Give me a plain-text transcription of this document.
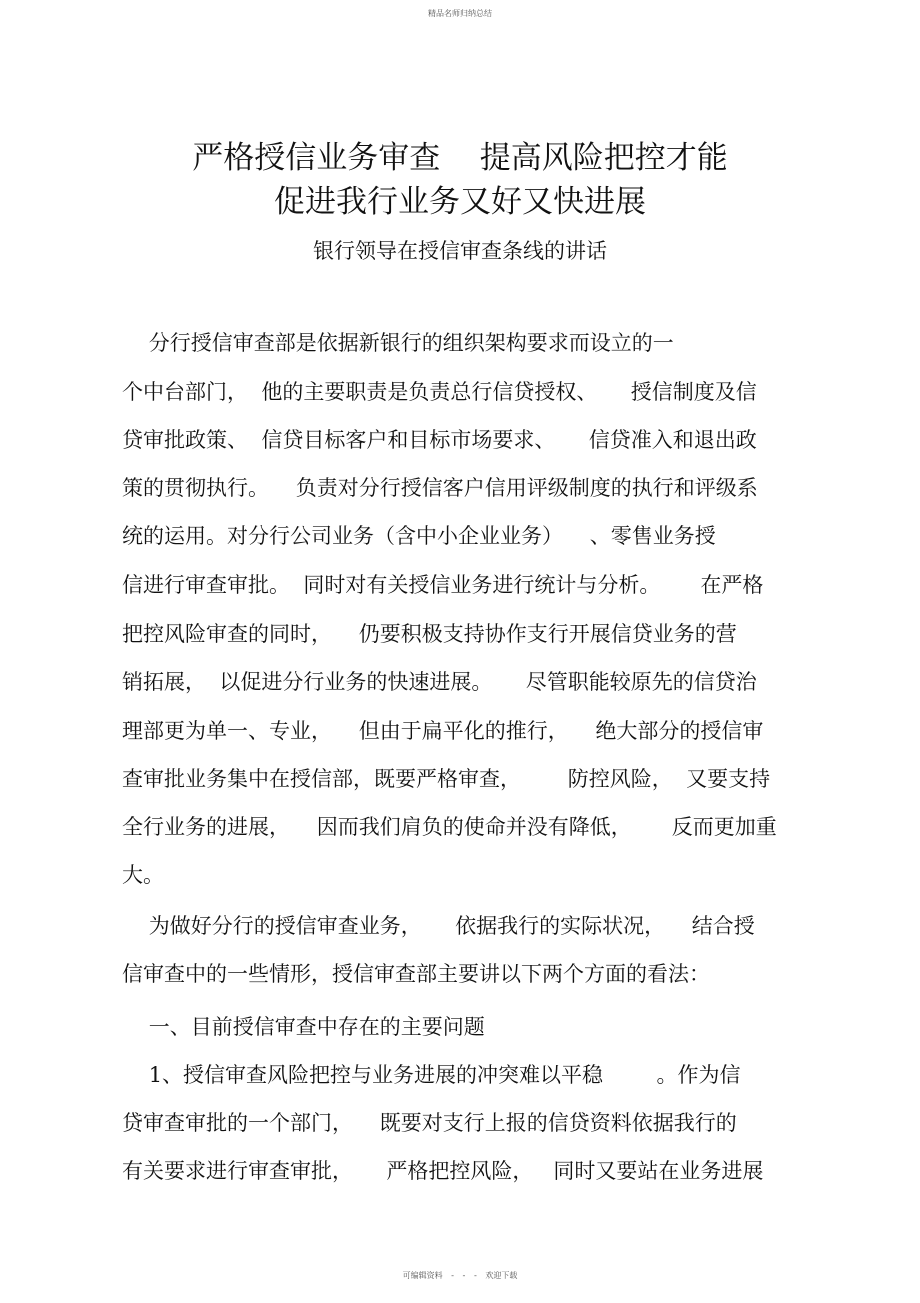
精品名师归纳总结
严格授信业务审查    提高风险把控才能
促进我行业务又好又快进展
银行领导在授信审查条线的讲话
分行授信审查部是依据新银行的组织架构要求而设立的一
个中台部门，  他的主要职责是负责总行信贷授权、     授信制度及信
贷审批政策、  信贷目标客户和目标市场要求、     信贷准入和退出政
策的贯彻执行。    负责对分行授信客户信用评级制度的执行和评级系
统的运用。对分行公司业务（含中小企业业务）    、零售业务授
信进行审查审批。  同时对有关授信业务进行统计与分析。      在严格
把控风险审查的同时，    仍要积极支持协作支行开展信贷业务的营
销拓展，  以促进分行业务的快速进展。     尽管职能较原先的信贷治
理部更为单一、专业，    但由于扁平化的推行，    绝大部分的授信审
查审批业务集中在授信部，既要严格审查，       防控风险，  又要支持
全行业务的进展，    因而我们肩负的使命并没有降低，      反而更加重
大。
为做好分行的授信审查业务，     依据我行的实际状况，    结合授
信审查中的一些情形，授信审查部主要讲以下两个方面的看法：
一、目前授信审查中存在的主要问题
1、授信审查风险把控与业务进展的冲突难以平稳        。作为信
贷审查审批的一个部门，    既要对支行上报的信贷资料依据我行的
有关要求进行审查审批，     严格把控风险，   同时又要站在业务进展
可编辑资料 - - - 欢迎下载
